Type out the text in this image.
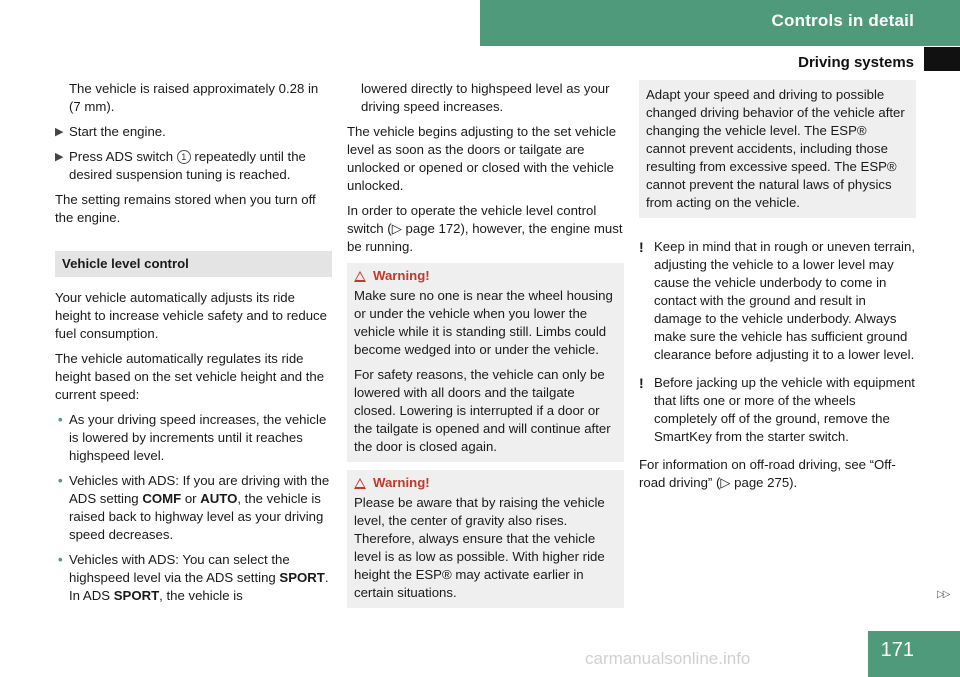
Controls in detail
Driving systems

The vehicle is raised approximately 0.28 in (7 mm).

▶ Start the engine.
▶ Press ADS switch 1 repeatedly until the desired suspension tuning is reached.

The setting remains stored when you turn off the engine.

Vehicle level control

Your vehicle automatically adjusts its ride height to increase vehicle safety and to reduce fuel consumption.

The vehicle automatically regulates its ride height based on the set vehicle height and the current speed:

• As your driving speed increases, the vehicle is lowered by increments until it reaches highspeed level.
• Vehicles with ADS: If you are driving with the ADS setting COMF or AUTO, the vehicle is raised back to highway level as your driving speed decreases.
• Vehicles with ADS: You can select the highspeed level via the ADS setting SPORT. In ADS SPORT, the vehicle is

lowered directly to highspeed level as your driving speed increases.

The vehicle begins adjusting to the set vehicle level as soon as the doors or tailgate are unlocked or opened or closed with the vehicle unlocked.

In order to operate the vehicle level control switch (▷ page 172), however, the engine must be running.

Warning!

Make sure no one is near the wheel housing or under the vehicle when you lower the vehicle while it is standing still. Limbs could become wedged into or under the vehicle.

For safety reasons, the vehicle can only be lowered with all doors and the tailgate closed. Lowering is interrupted if a door or the tailgate is opened and will continue after the door is closed again.

Warning!

Please be aware that by raising the vehicle level, the center of gravity also rises. Therefore, always ensure that the vehicle level is as low as possible. With higher ride height the ESP® may activate earlier in certain situations.

Adapt your speed and driving to possible changed driving behavior of the vehicle after changing the vehicle level. The ESP® cannot prevent accidents, including those resulting from excessive speed. The ESP® cannot prevent the natural laws of physics from acting on the vehicle.
! Keep in mind that in rough or uneven terrain, adjusting the vehicle to a lower level may cause the vehicle underbody to come in contact with the ground and result in damage to the vehicle underbody. Always make sure the vehicle has sufficient ground clearance before adjusting it to a lower level.
! Before jacking up the vehicle with equipment that lifts one or more of the wheels completely off of the ground, remove the SmartKey from the starter switch.

For information on off-road driving, see “Off-road driving” (▷ page 275).

▷▷
171
carmanualsonline.info
